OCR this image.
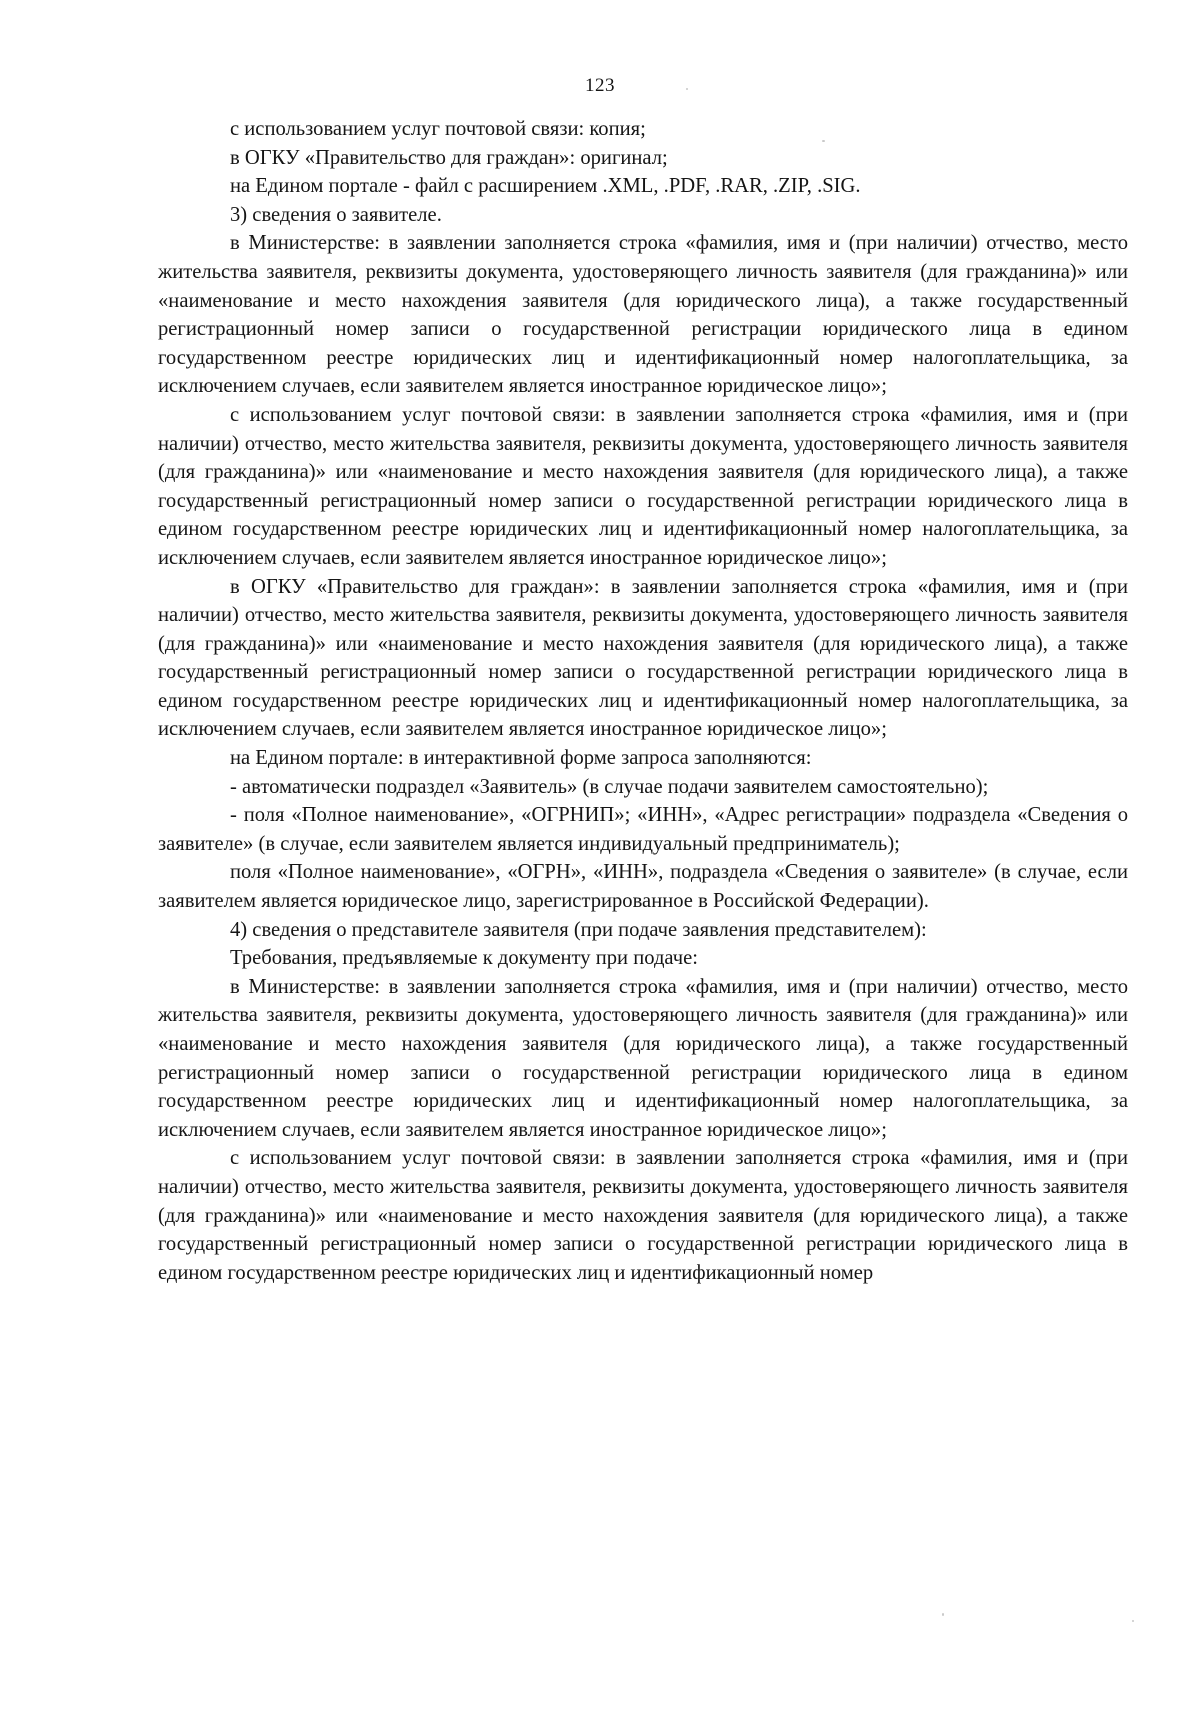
123

с использованием услуг почтовой связи: копия;

в ОГКУ «Правительство для граждан»: оригинал;

на Едином портале - файл с расширением .XML, .PDF, .RAR, .ZIP, .SIG.

3) сведения о заявителе.

в Министерстве: в заявлении заполняется строка «фамилия, имя и (при наличии) отчество, место жительства заявителя, реквизиты документа, удостоверяющего личность заявителя (для гражданина)» или «наименование и место нахождения заявителя (для юридического лица), а также государственный регистрационный номер записи о государственной регистрации юридического лица в едином государственном реестре юридических лиц и идентификационный номер налогоплательщика, за исключением случаев, если заявителем является иностранное юридическое лицо»;

с использованием услуг почтовой связи: в заявлении заполняется строка «фамилия, имя и (при наличии) отчество, место жительства заявителя, реквизиты документа, удостоверяющего личность заявителя (для гражданина)» или «наименование и место нахождения заявителя (для юридического лица), а также государственный регистрационный номер записи о государственной регистрации юридического лица в едином государственном реестре юридических лиц и идентификационный номер налогоплательщика, за исключением случаев, если заявителем является иностранное юридическое лицо»;

в ОГКУ «Правительство для граждан»: в заявлении заполняется строка «фамилия, имя и (при наличии) отчество, место жительства заявителя, реквизиты документа, удостоверяющего личность заявителя (для гражданина)» или «наименование и место нахождения заявителя (для юридического лица), а также государственный регистрационный номер записи о государственной регистрации юридического лица в едином государственном реестре юридических лиц и идентификационный номер налогоплательщика, за исключением случаев, если заявителем является иностранное юридическое лицо»;

на Едином портале: в интерактивной форме запроса заполняются:

- автоматически подраздел «Заявитель» (в случае подачи заявителем самостоятельно);

- поля «Полное наименование», «ОГРНИП»; «ИНН», «Адрес регистрации» подраздела «Сведения о заявителе» (в случае, если заявителем является индивидуальный предприниматель);

поля «Полное наименование», «ОГРН», «ИНН», подраздела «Сведения о заявителе» (в случае, если заявителем является юридическое лицо, зарегистрированное в Российской Федерации).

4) сведения о представителе заявителя (при подаче заявления представителем):

Требования, предъявляемые к документу при подаче:

в Министерстве: в заявлении заполняется строка «фамилия, имя и (при наличии) отчество, место жительства заявителя, реквизиты документа, удостоверяющего личность заявителя (для гражданина)» или «наименование и место нахождения заявителя (для юридического лица), а также государственный регистрационный номер записи о государственной регистрации юридического лица в едином государственном реестре юридических лиц и идентификационный номер налогоплательщика, за исключением случаев, если заявителем является иностранное юридическое лицо»;

с использованием услуг почтовой связи: в заявлении заполняется строка «фамилия, имя и (при наличии) отчество, место жительства заявителя, реквизиты документа, удостоверяющего личность заявителя (для гражданина)» или «наименование и место нахождения заявителя (для юридического лица), а также государственный регистрационный номер записи о государственной регистрации юридического лица в едином государственном реестре юридических лиц и идентификационный номер
